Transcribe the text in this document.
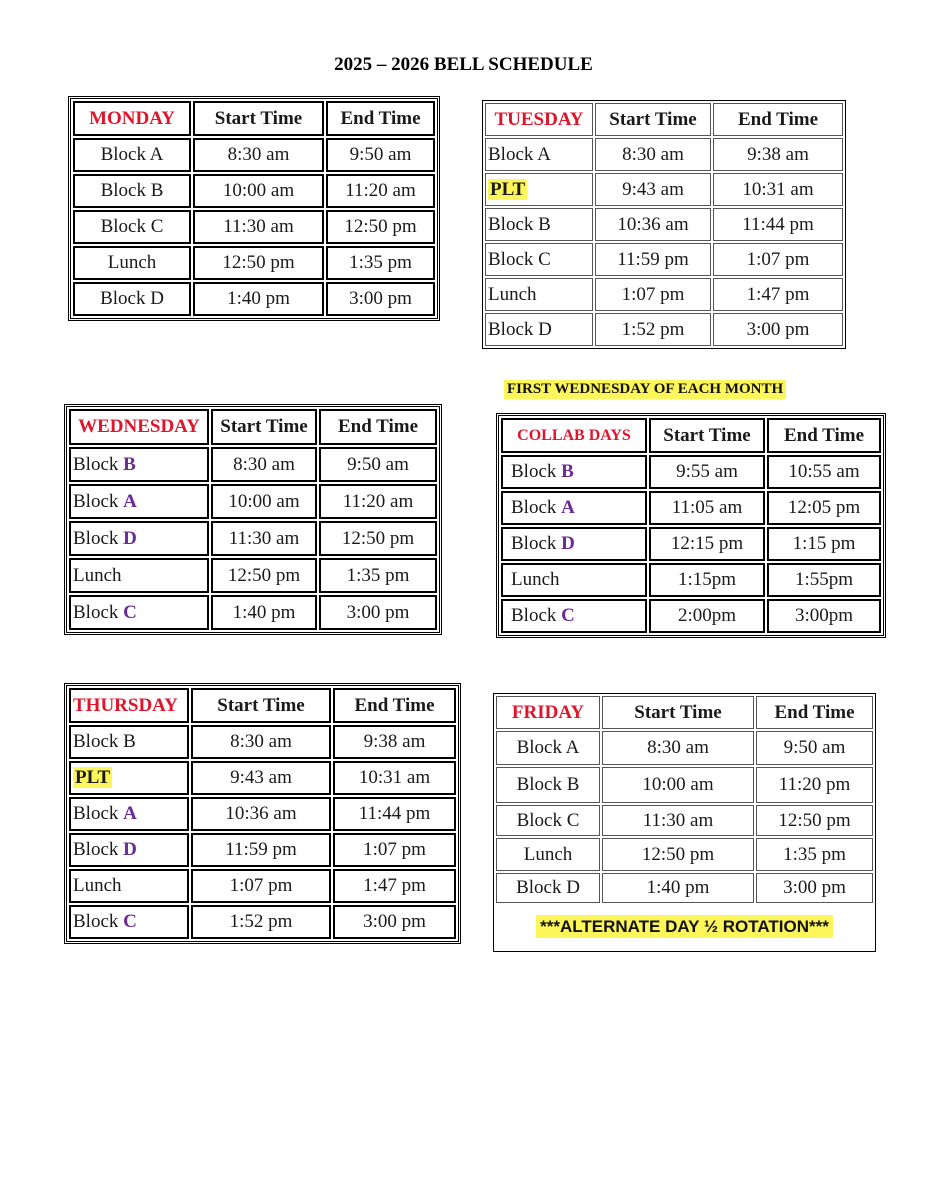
2025 – 2026 BELL SCHEDULE
MONDAY	Start Time	End Time
Block A	8:30 am	9:50 am
Block B	10:00 am	11:20 am
Block C	11:30 am	12:50 pm
Lunch	12:50 pm	1:35 pm
Block D	1:40 pm	3:00 pm
TUESDAY	Start Time	End Time
Block A	8:30 am	9:38 am
PLT	9:43 am	10:31 am
Block B	10:36 am	11:44 pm
Block C	11:59 pm	1:07 pm
Lunch	1:07 pm	1:47 pm
Block D	1:52 pm	3:00 pm
WEDNESDAY	Start Time	End Time
Block B	8:30 am	9:50 am
Block A	10:00 am	11:20 am
Block D	11:30 am	12:50 pm
Lunch	12:50 pm	1:35 pm
Block C	1:40 pm	3:00 pm
FIRST WEDNESDAY OF EACH MONTH
COLLAB DAYS	Start Time	End Time
Block B	9:55 am	10:55 am
Block A	11:05 am	12:05 pm
Block D	12:15 pm	1:15 pm
Lunch	1:15pm	1:55pm
Block C	2:00pm	3:00pm
THURSDAY	Start Time	End Time
Block B	8:30 am	9:38 am
PLT	9:43 am	10:31 am
Block A	10:36 am	11:44 pm
Block D	11:59 pm	1:07 pm
Lunch	1:07 pm	1:47 pm
Block C	1:52 pm	3:00 pm
FRIDAY	Start Time	End Time
Block A	8:30 am	9:50 am
Block B	10:00 am	11:20 pm
Block C	11:30 am	12:50 pm
Lunch	12:50 pm	1:35 pm
Block D	1:40 pm	3:00 pm
***ALTERNATE DAY ½ ROTATION***		
